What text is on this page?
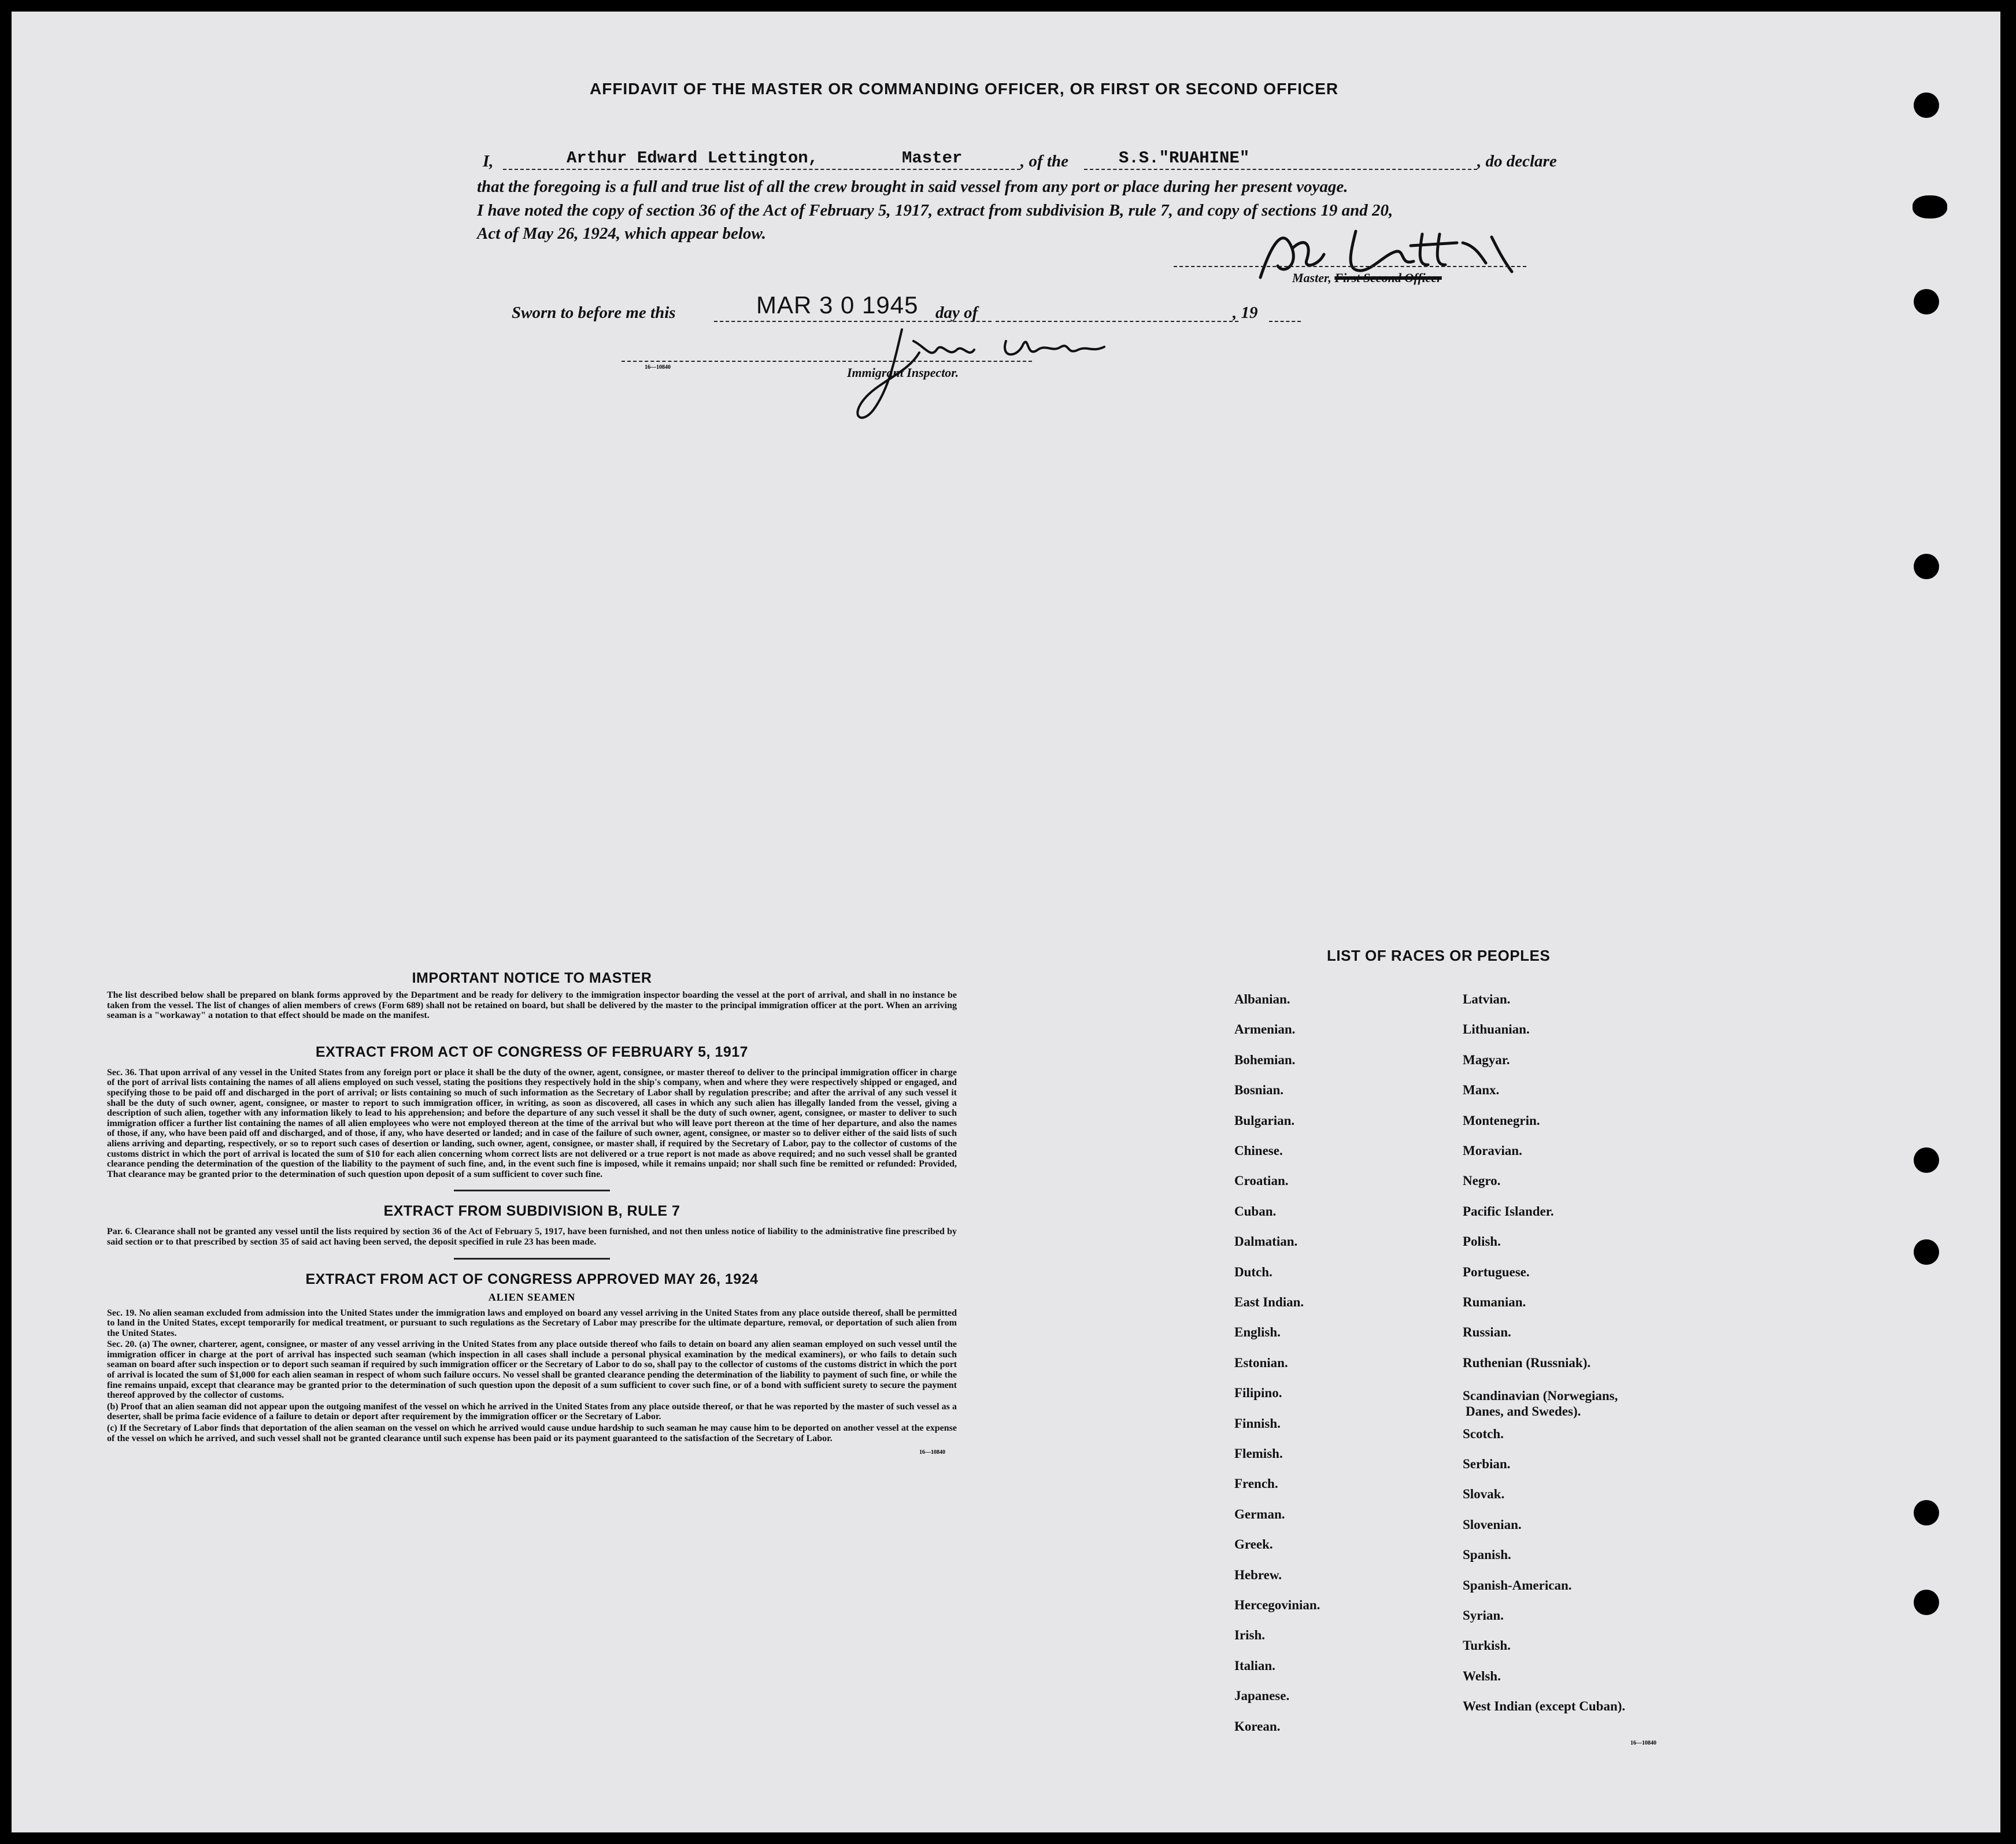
AFFIDAVIT OF THE MASTER OR COMMANDING OFFICER, OR FIRST OR SECOND OFFICER
I,	Arthur Edward Lettington,	Master	, of the	S.S."RUAHINE"	, do declare
that the foregoing is a full and true list of all the crew brought in said vessel from any port or place during her present voyage.
I have noted the copy of section 36 of the Act of February 5, 1917, extract from subdivision B, rule 7, and copy of sections 19 and 20,
Act of May 26, 1924, which appear below.
Master, First Second Officer
Sworn to before me this	MAR 3 0 1945 day of	, 19
16—10840	Immigrant Inspector.
IMPORTANT NOTICE TO MASTER
The list described below shall be prepared on blank forms approved by the Department and be ready for delivery to the immigration inspector boarding the vessel at the port of arrival, and shall in no instance be taken from the vessel. The list of changes of alien members of crews (Form 689) shall not be retained on board, but shall be delivered by the master to the principal immigration officer at the port. When an arriving seaman is a "workaway" a notation to that effect should be made on the manifest.
EXTRACT FROM ACT OF CONGRESS OF FEBRUARY 5, 1917
Sec. 36. That upon arrival of any vessel in the United States from any foreign port or place it shall be the duty of the owner, agent, consignee, or master thereof to deliver to the principal immigration officer in charge of the port of arrival lists containing the names of all aliens employed on such vessel, stating the positions they respectively hold in the ship's company, when and where they were respectively shipped or engaged, and specifying those to be paid off and discharged in the port of arrival; or lists containing so much of such information as the Secretary of Labor shall by regulation prescribe; and after the arrival of any such vessel it shall be the duty of such owner, agent, consignee, or master to report to such immigration officer, in writing, as soon as discovered, all cases in which any such alien has illegally landed from the vessel, giving a description of such alien, together with any information likely to lead to his apprehension; and before the departure of any such vessel it shall be the duty of such owner, agent, consignee, or master to deliver to such immigration officer a further list containing the names of all alien employees who were not employed thereon at the time of the arrival but who will leave port thereon at the time of her departure, and also the names of those, if any, who have been paid off and discharged, and of those, if any, who have deserted or landed; and in case of the failure of such owner, agent, consignee, or master so to deliver either of the said lists of such aliens arriving and departing, respectively, or so to report such cases of desertion or landing, such owner, agent, consignee, or master shall, if required by the Secretary of Labor, pay to the collector of customs of the customs district in which the port of arrival is located the sum of $10 for each alien concerning whom correct lists are not delivered or a true report is not made as above required; and no such vessel shall be granted clearance pending the determination of the question of the liability to the payment of such fine, and, in the event such fine is imposed, while it remains unpaid; nor shall such fine be remitted or refunded: Provided, That clearance may be granted prior to the determination of such question upon deposit of a sum sufficient to cover such fine.
EXTRACT FROM SUBDIVISION B, RULE 7
Par. 6. Clearance shall not be granted any vessel until the lists required by section 36 of the Act of February 5, 1917, have been furnished, and not then unless notice of liability to the administrative fine prescribed by said section or to that prescribed by section 35 of said act having been served, the deposit specified in rule 23 has been made.
EXTRACT FROM ACT OF CONGRESS APPROVED MAY 26, 1924
ALIEN SEAMEN
Sec. 19. No alien seaman excluded from admission into the United States under the immigration laws and employed on board any vessel arriving in the United States from any place outside thereof, shall be permitted to land in the United States, except temporarily for medical treatment, or pursuant to such regulations as the Secretary of Labor may prescribe for the ultimate departure, removal, or deportation of such alien from the United States.
Sec. 20. (a) The owner, charterer, agent, consignee, or master of any vessel arriving in the United States from any place outside thereof who fails to detain on board any alien seaman employed on such vessel until the immigration officer in charge at the port of arrival has inspected such seaman (which inspection in all cases shall include a personal physical examination by the medical examiners), or who fails to detain such seaman on board after such inspection or to deport such seaman if required by such immigration officer or the Secretary of Labor to do so, shall pay to the collector of customs of the customs district in which the port of arrival is located the sum of $1,000 for each alien seaman in respect of whom such failure occurs. No vessel shall be granted clearance pending the determination of the liability to payment of such fine, or while the fine remains unpaid, except that clearance may be granted prior to the determination of such question upon the deposit of a sum sufficient to cover such fine, or of a bond with sufficient surety to secure the payment thereof approved by the collector of customs.
(b) Proof that an alien seaman did not appear upon the outgoing manifest of the vessel on which he arrived in the United States from any place outside thereof, or that he was reported by the master of such vessel as a deserter, shall be prima facie evidence of a failure to detain or deport after requirement by the immigration officer or the Secretary of Labor.
(c) If the Secretary of Labor finds that deportation of the alien seaman on the vessel on which he arrived would cause undue hardship to such seaman he may cause him to be deported on another vessel at the expense of the vessel on which he arrived, and such vessel shall not be granted clearance until such expense has been paid or its payment guaranteed to the satisfaction of the Secretary of Labor.
16—10840
LIST OF RACES OR PEOPLES
Albanian.
Armenian.
Bohemian.
Bosnian.
Bulgarian.
Chinese.
Croatian.
Cuban.
Dalmatian.
Dutch.
East Indian.
English.
Estonian.
Filipino.
Finnish.
Flemish.
French.
German.
Greek.
Hebrew.
Hercegovinian.
Irish.
Italian.
Japanese.
Korean.
Latvian.
Lithuanian.
Magyar.
Manx.
Montenegrin.
Moravian.
Negro.
Pacific Islander.
Polish.
Portuguese.
Rumanian.
Russian.
Ruthenian (Russniak).
Scandinavian (Norwegians,
Danes, and Swedes).
Scotch.
Serbian.
Slovak.
Slovenian.
Spanish.
Spanish-American.
Syrian.
Turkish.
Welsh.
West Indian (except Cuban).
16—10840
